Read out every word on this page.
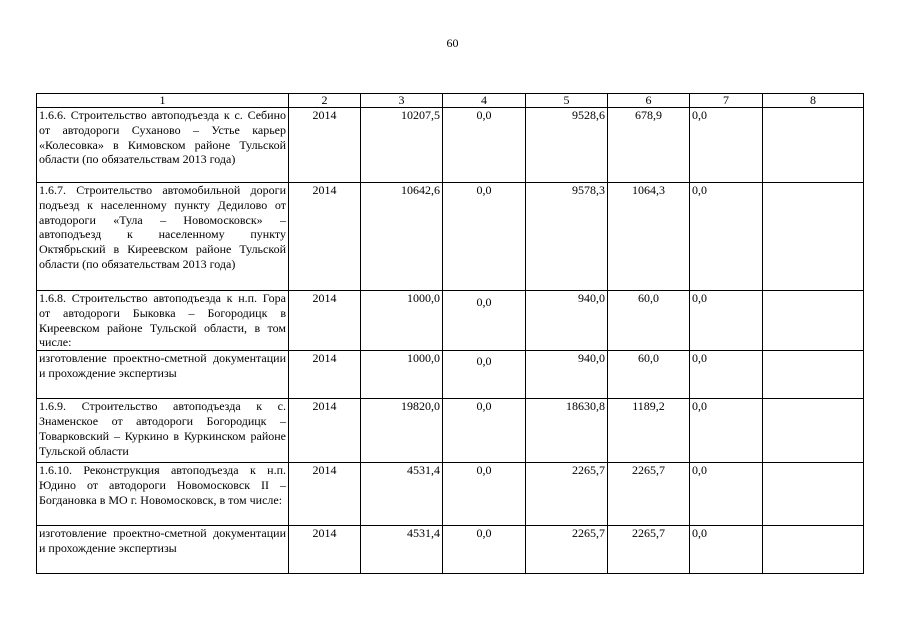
60
1	2	3	4	5	6	7	8
1.6.6. Строительство автоподъезда к с. Себино от автодороги Суханово – Устье карьер «Колесовка» в Кимовском районе Тульской области (по обязательствам 2013 года)	2014	10207,5	0,0	9528,6	678,9	0,0	
1.6.7. Строительство автомобильной дороги подъезд к населенному пункту Дедилово от автодороги «Тула – Новомосковск» – автоподъезд к населенному пункту Октябрьский в Киреевском районе Тульской области (по обязательствам 2013 года)	2014	10642,6	0,0	9578,3	1064,3	0,0	
1.6.8. Строительство автоподъезда к н.п. Гора от автодороги Быковка – Богородицк в Киреевском районе Тульской области, в том числе:	2014	1000,0	0,0	940,0	60,0	0,0	
изготовление проектно-сметной документации и прохождение экспертизы	2014	1000,0	0,0	940,0	60,0	0,0	
1.6.9. Строительство автоподъезда к с. Знаменское от автодороги Богородицк – Товарковский – Куркино в Куркинском районе Тульской области	2014	19820,0	0,0	18630,8	1189,2	0,0	
1.6.10. Реконструкция автоподъезда к н.п. Юдино от автодороги Новомосковск II – Богдановка в МО г. Новомосковск, в том числе:	2014	4531,4	0,0	2265,7	2265,7	0,0	
изготовление проектно-сметной документации и прохождение экспертизы	2014	4531,4	0,0	2265,7	2265,7	0,0	
